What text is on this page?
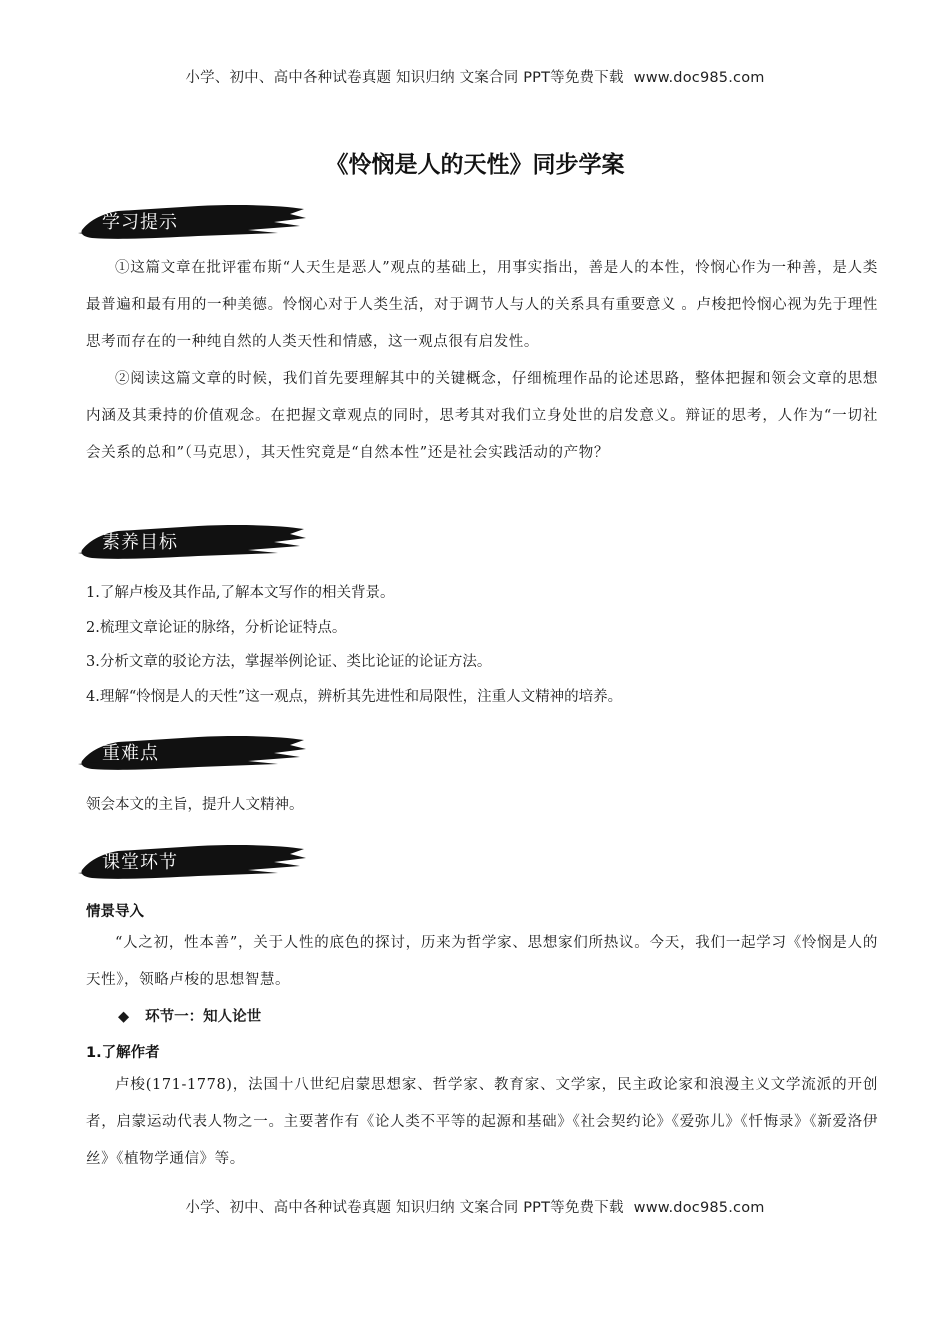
小学、初中、高中各种试卷真题 知识归纳 文案合同 PPT等免费下载 www.doc985.com
《怜悯是人的天性》同步学案
学习提示
①这篇文章在批评霍布斯“人天生是恶人”观点的基础上，用事实指出，善是人的本性，怜悯心作为一种善，是人类最普遍和最有用的一种美德。怜悯心对于人类生活，对于调节人与人的关系具有重要意义 。卢梭把怜悯心视为先于理性思考而存在的一种纯自然的人类天性和情感，这一观点很有启发性。
②阅读这篇文章的时候，我们首先要理解其中的关键概念，仔细梳理作品的论述思路，整体把握和领会文章的思想内涵及其秉持的价值观念。在把握文章观点的同时，思考其对我们立身处世的启发意义。辩证的思考，人作为“一切社会关系的总和”（马克思），其天性究竟是“自然本性”还是社会实践活动的产物？
素养目标
1.了解卢梭及其作品,了解本文写作的相关背景。
2.梳理文章论证的脉络，分析论证特点。
3.分析文章的驳论方法，掌握举例论证、类比论证的论证方法。
4.理解“怜悯是人的天性”这一观点，辨析其先进性和局限性，注重人文精神的培养。
重难点
领会本文的主旨，提升人文精神。
课堂环节
情景导入
“人之初，性本善”，关于人性的底色的探讨，历来为哲学家、思想家们所热议。今天，我们一起学习《怜悯是人的天性》，领略卢梭的思想智慧。
◆ 环节一：知人论世
1.了解作者
卢梭(171-1778)，法国十八世纪启蒙思想家、哲学家、教育家、文学家，民主政论家和浪漫主义文学流派的开创者，启蒙运动代表人物之一。主要著作有《论人类不平等的起源和基础》《社会契约论》《爱弥儿》《忏悔录》《新爱洛伊丝》《植物学通信》等。
小学、初中、高中各种试卷真题 知识归纳 文案合同 PPT等免费下载 www.doc985.com
